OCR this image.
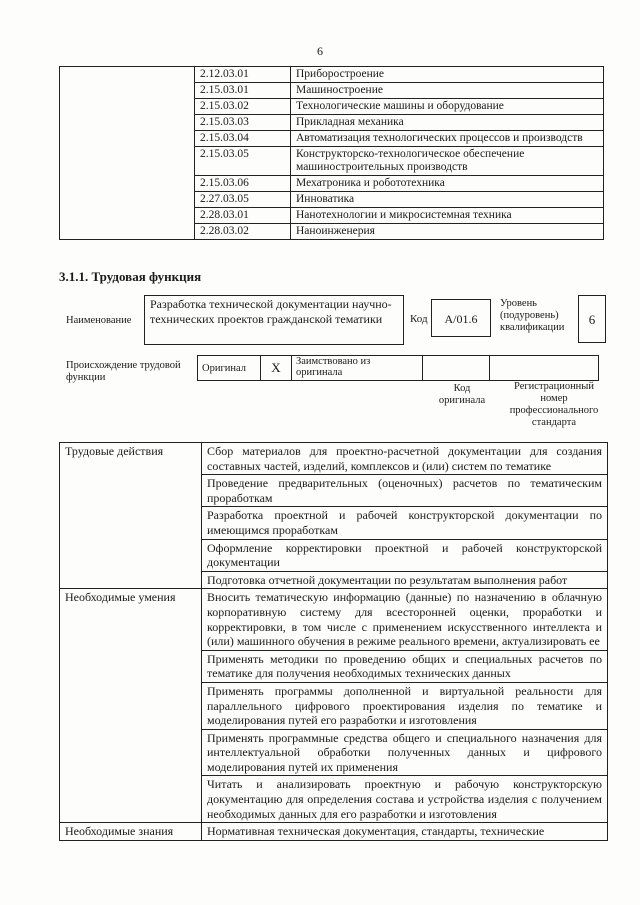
6
	2.12.03.01	Приборостроение
	2.15.03.01	Машиностроение
	2.15.03.02	Технологические машины и оборудование
	2.15.03.03	Прикладная механика
	2.15.03.04	Автоматизация технологических процессов и производств
	2.15.03.05	Конструкторско-технологическое обеспечение машиностроительных производств
	2.15.03.06	Мехатроника и робототехника
	2.27.03.05	Инноватика
	2.28.03.01	Нанотехнологии и микросистемная техника
	2.28.03.02	Наноинженерия
3.1.1. Трудовая функция
Наименование
Разработка технической документации научно-технических проектов гражданской тематики	Код	A/01.6
Уровень (подуровень) квалификации
6
Происхождение трудовой функции
Оригинал	X	Заимствовано из оригинала		
Код оригинала
Регистрационный номер профессионального стандарта
Трудовые действия	Сбор материалов для проектно-расчетной документации для создания составных частей, изделий, комплексов и (или) систем по тематике
	Проведение предварительных (оценочных) расчетов по тематическим проработкам
	Разработка проектной и рабочей конструкторской документации по имеющимся проработкам
	Оформление корректировки проектной и рабочей конструкторской документации
	Подготовка отчетной документации по результатам выполнения работ
Необходимые умения	Вносить тематическую информацию (данные) по назначению в облачную корпоративную систему для всесторонней оценки, проработки и корректировки, в том числе с применением искусственного интеллекта и (или) машинного обучения в режиме реального времени, актуализировать ее
	Применять методики по проведению общих и специальных расчетов по тематике для получения необходимых технических данных
	Применять программы дополненной и виртуальной реальности для параллельного цифрового проектирования изделия по тематике и моделирования путей его разработки и изготовления
	Применять программные средства общего и специального назначения для интеллектуальной обработки полученных данных и цифрового моделирования путей их применения
	Читать и анализировать проектную и рабочую конструкторскую документацию для определения состава и устройства изделия с получением необходимых данных для его разработки и изготовления
Необходимые знания	Нормативная техническая документация, стандарты, технические
